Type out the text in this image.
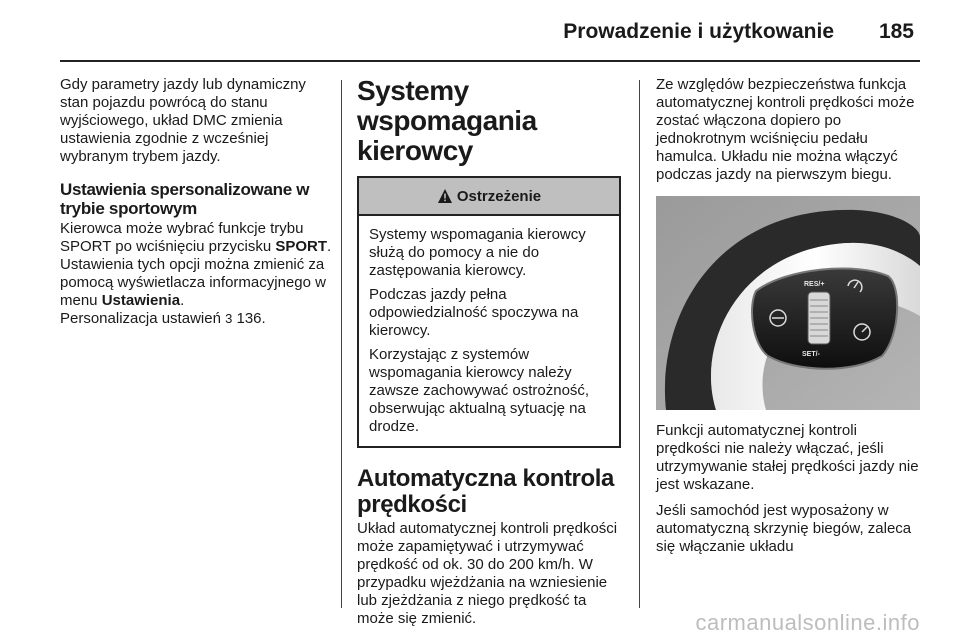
Prowadzenie i użytkowanie 185

Gdy parametry jazdy lub dynamiczny stan pojazdu powrócą do stanu wyjściowego, układ DMC zmienia ustawienia zgodnie z wcześniej wybranym trybem jazdy.

Ustawienia spersonalizowane w trybie sportowym

Kierowca może wybrać funkcje trybu SPORT po wciśnięciu przycisku SPORT. Ustawienia tych opcji można zmienić za pomocą wyświetlacza informacyjnego w menu Ustawienia.
Personalizacja ustawień 3 136.

Systemy wspomagania kierowcy
Ostrzeżenie

Systemy wspomagania kierowcy służą do pomocy a nie do zastępowania kierowcy.

Podczas jazdy pełna odpowiedzialność spoczywa na kierowcy.

Korzystając z systemów wspomagania kierowcy należy zawsze zachowywać ostrożność, obserwując aktualną sytuację na drodze.

Automatyczna kontrola prędkości

Układ automatycznej kontroli prędkości może zapamiętywać i utrzymywać prędkość od ok. 30 do 200 km/h. W przypadku wjeżdżania na wzniesienie lub zjeżdżania z niego prędkość ta może się zmienić.

Ze względów bezpieczeństwa funkcja automatycznej kontroli prędkości może zostać włączona dopiero po jednokrotnym wciśnięciu pedału hamulca. Układu nie można włączyć podczas jazdy na pierwszym biegu.

RES/+
SET/-

Funkcji automatycznej kontroli prędkości nie należy włączać, jeśli utrzymywanie stałej prędkości jazdy nie jest wskazane.

Jeśli samochód jest wyposażony w automatyczną skrzynię biegów, zaleca się włączanie układu

carmanualsonline.info
